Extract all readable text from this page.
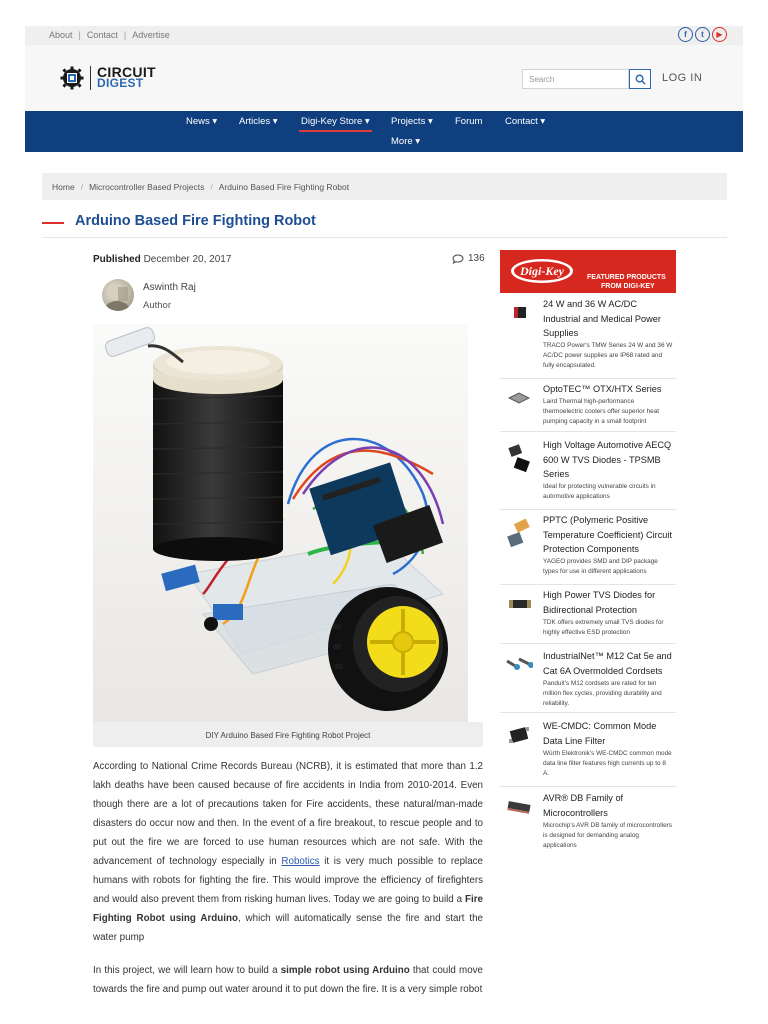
About | Contact | Advertise	f	t	▶
CIRCUIT
DIGEST	Search	LOG IN
News ▾ Articles ▾ Digi-Key Store ▾ Projects ▾ Forum Contact ▾
More ▾
Home / Microcontroller Based Projects / Arduino Based Fire Fighting Robot
Arduino Based Fire Fighting Robot
Published December 20, 2017	136
Aswinth Raj
Author
DIY Arduino Based Fire Fighting Robot Project
According to National Crime Records Bureau (NCRB), it is estimated that more than 1.2 lakh deaths have been caused because of fire accidents in India from 2010-2014. Even though there are a lot of precautions taken for Fire accidents, these natural/man-made disasters do occur now and then. In the event of a fire breakout, to rescue people and to put out the fire we are forced to use human resources which are not safe. With the advancement of technology especially in Robotics it is very much possible to replace humans with robots for fighting the fire. This would improve the efficiency of firefighters and would also prevent them from risking human lives. Today we are going to build a Fire Fighting Robot using Arduino, which will automatically sense the fire and start the water pump
In this project, we will learn how to build a simple robot using Arduino that could move towards the fire and pump out water around it to put down the fire. It is a very simple robot
Digi-Key	FEATURED PRODUCTS
FROM DIGI-KEY
24 W and 36 W AC/DC Industrial and Medical Power Supplies
TRACO Power's TMW Series 24 W and 36 W AC/DC power supplies are IP68 rated and fully encapsulated.
OptoTEC™ OTX/HTX Series
Laird Thermal high-performance thermoelectric coolers offer superior heat pumping capacity in a small footprint
High Voltage Automotive AECQ 600 W TVS Diodes - TPSMB Series
Ideal for protecting vulnerable circuits in automotive applications
PPTC (Polymeric Positive Temperature Coefficient) Circuit Protection Components
YAGEO provides SMD and DIP package types for use in different applications
High Power TVS Diodes for Bidirectional Protection
TDK offers extremely small TVS diodes for highly effective ESD protection
IndustrialNet™ M12 Cat 5e and Cat 6A Overmolded Cordsets
Panduit's M12 cordsets are rated for ten million flex cycles, providing durability and reliability.
WE-CMDC: Common Mode Data Line Filter
Würth Elektronik's WE-CMDC common mode data line filter features high currents up to 8 A.
AVR® DB Family of Microcontrollers
Microchip's AVR DB family of microcontrollers is designed for demanding analog applications
